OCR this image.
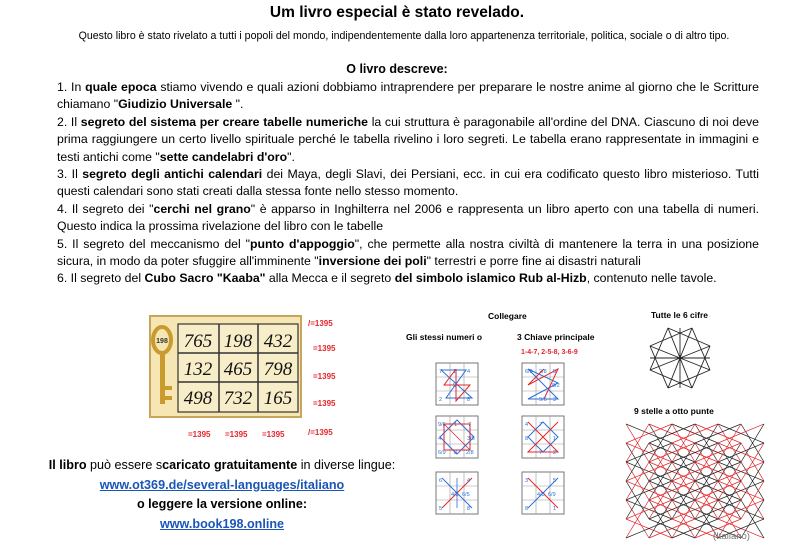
Um livro especial è stato revelado.
Questo libro è stato rivelato a tutti i popoli del mondo, indipendentemente dalla loro appartenenza territoriale, politica, sociale o di altro tipo.
O livro descreve:

1. In quale epoca stiamo vivendo e quali azioni dobbiamo intraprendere per preparare le nostre anime al giorno che le Scritture chiamano "Giudizio Universale ".

2. Il segreto del sistema per creare tabelle numeriche la cui struttura è paragonabile all'ordine del DNA. Ciascuno di noi deve prima raggiungere un certo livello spirituale perché le tabella rivelino i loro segreti. Le tabella erano rappresentate in immagini e testi antichi come "sette candelabri d'oro".

3. Il segreto degli antichi calendari dei Maya, degli Slavi, dei Persiani, ecc. in cui era codificato questo libro misterioso. Tutti questi calendari sono stati creati dalla stessa fonte nello stesso momento.

4. Il segreto dei "cerchi nel grano" è apparso in Inghilterra nel 2006 e rappresenta un libro aperto con una tabella di numeri. Questo indica la prossima rivelazione del libro con le tabelle

5. Il segreto del meccanismo del "punto d'appoggio", che permette alla nostra civiltà di mantenere la terra in una posizione sicura, in modo da poter sfuggire all'imminente "inversione dei poli" terrestri e porre fine ai disastri naturali

6. Il segreto del Cubo Sacro "Kaaba" alla Mecca e il segreto del simbolo islamico Rub al-Hizb, contenuto nelle tavole.

765 198 432
132 465 798
498 732 165
198
/=1395
=1395
=1395
=1395
/=1395
=1395 =1395 =1395
Il libro può essere scaricato gratuitamente in diverse lingue:
www.ot369.de/several-languages/italiano
o leggere la versione online:
www.book198.online
Collegare
Gli stessi numeri o	3 Chiave principale
1-4-7, 2-5-8, 3-6-9
Tutte le 6 cifre
9 stelle a otto punte
7 1 4
5
2	8
6/9 2/8 5
8/2
9/6 3
9/6 1 7
4	3/6
8
6/9	2/8
4 7
1
8
7 2
6
4/5
4
5
6/5
8
3	5
4/3
8
6/9
1
(Italiano)
